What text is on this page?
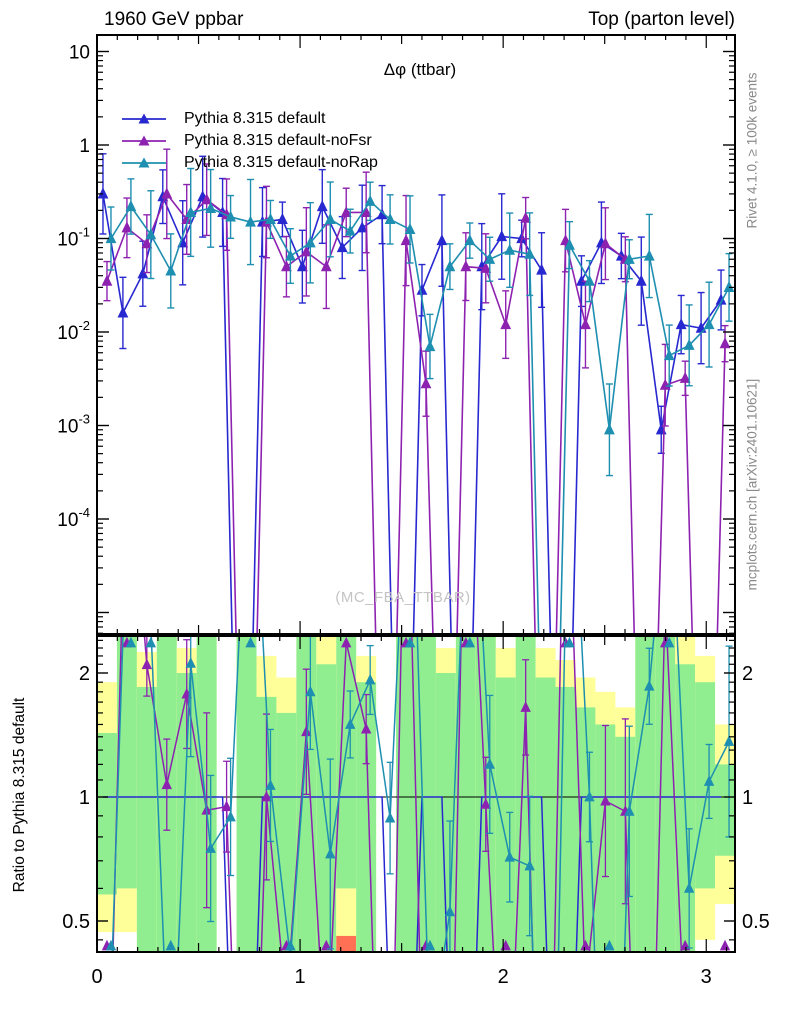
1960 GeV ppbar	Top (parton level)
10
1
$10^{-1}$
$10^{-2}$
$10^{-3}$
$10^{-4}$
2	2
1	1
0.5	0.5
0	1	2	3
Δφ (ttbar)
Pythia 8.315 default
Pythia 8.315 default-noFsr
Pythia 8.315 default-noRap	Rivet 4.1.0, ≥ 100k events
mcplots.cern.ch [arXiv:2401.10621]
Ratio to Pythia 8.315 default
(MC_FBA_TTBAR)
